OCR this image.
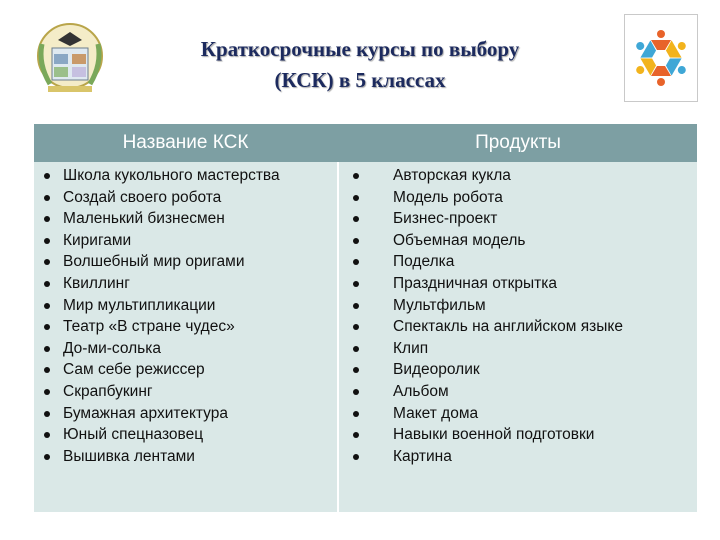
Краткосрочные курсы по выбору
(КСК) в 5 классах
Название КСК	Продукты
Школа кукольного мастерства
Создай своего робота
Маленький бизнесмен
Киригами
Волшебный мир оригами
Квиллинг
Мир мультипликации
Театр «В стране чудес»
До-ми-солька
Сам себе режиссер
Скрапбукинг
Бумажная архитектура
Юный спецназовец
Вышивка лентами
Авторская кукла
Модель робота
Бизнес-проект
Объемная модель
Поделка
Праздничная открытка
Мультфильм
Спектакль на английском языке
Клип
Видеоролик
Альбом
Макет дома
Навыки военной подготовки
Картина
